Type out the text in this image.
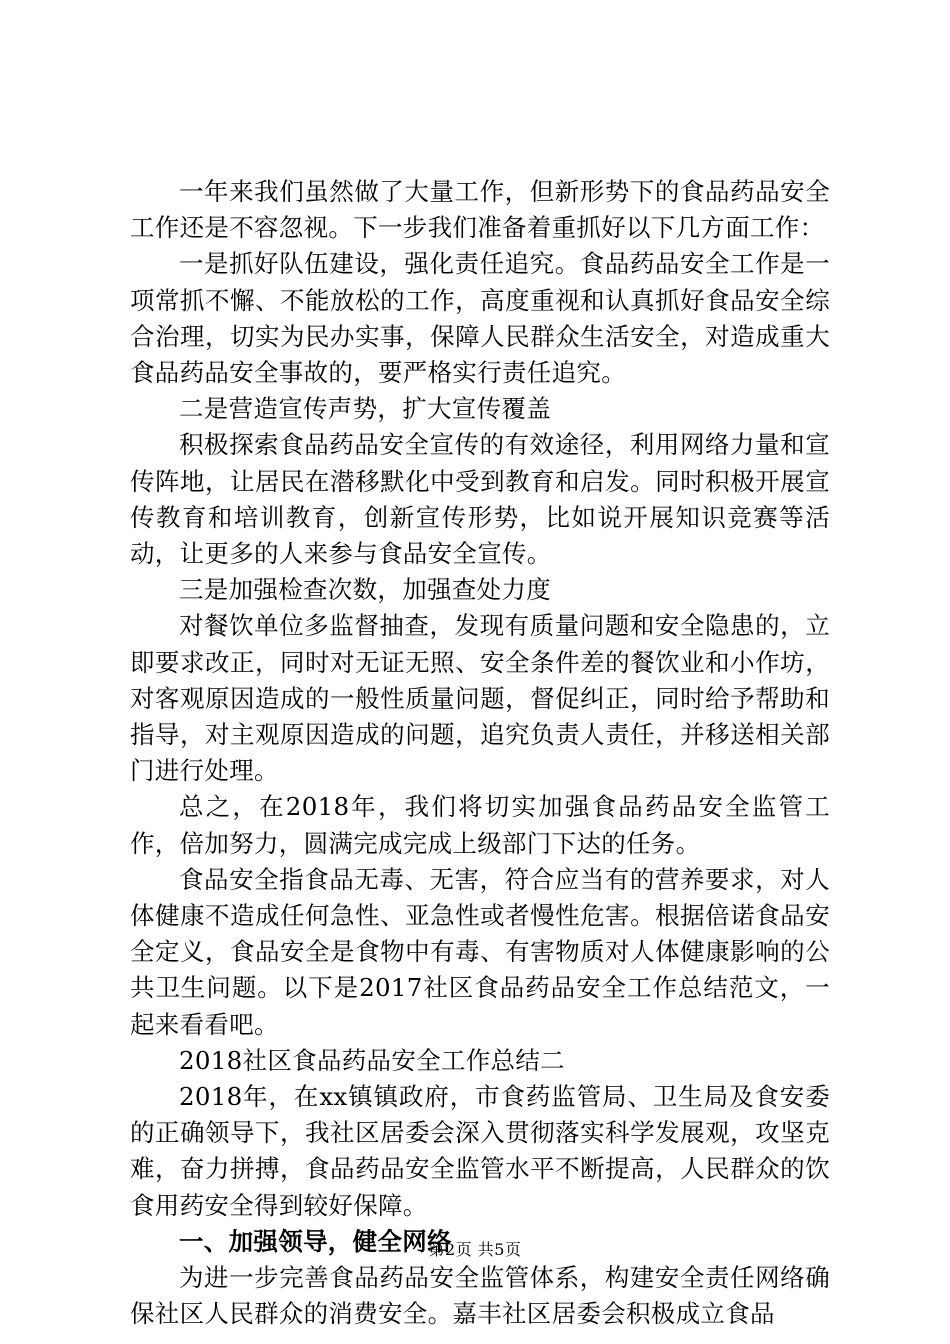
一年来我们虽然做了大量工作，但新形势下的食品药品安全工作还是不容忽视。下一步我们准备着重抓好以下几方面工作：

一是抓好队伍建设，强化责任追究。食品药品安全工作是一项常抓不懈、不能放松的工作，高度重视和认真抓好食品安全综合治理，切实为民办实事，保障人民群众生活安全，对造成重大食品药品安全事故的，要严格实行责任追究。

二是营造宣传声势，扩大宣传覆盖

积极探索食品药品安全宣传的有效途径，利用网络力量和宣传阵地，让居民在潜移默化中受到教育和启发。同时积极开展宣传教育和培训教育，创新宣传形势，比如说开展知识竞赛等活动，让更多的人来参与食品安全宣传。

三是加强检查次数，加强查处力度

对餐饮单位多监督抽查，发现有质量问题和安全隐患的，立即要求改正，同时对无证无照、安全条件差的餐饮业和小作坊，对客观原因造成的一般性质量问题，督促纠正，同时给予帮助和指导，对主观原因造成的问题，追究负责人责任，并移送相关部门进行处理。

总之，在2018年，我们将切实加强食品药品安全监管工作，倍加努力，圆满完成完成上级部门下达的任务。

食品安全指食品无毒、无害，符合应当有的营养要求，对人体健康不造成任何急性、亚急性或者慢性危害。根据倍诺食品安全定义，食品安全是食物中有毒、有害物质对人体健康影响的公共卫生问题。以下是2017社区食品药品安全工作总结范文，一起来看看吧。

2018社区食品药品安全工作总结二

2018年，在xx镇镇政府，市食药监管局、卫生局及食安委的正确领导下，我社区居委会深入贯彻落实科学发展观，攻坚克难，奋力拼搏，食品药品安全监管水平不断提高，人民群众的饮食用药安全得到较好保障。

一、加强领导，健全网络

为进一步完善食品药品安全监管体系，构建安全责任网络确保社区人民群众的消费安全。嘉丰社区居委会积极成立食品

第2页 共5页
